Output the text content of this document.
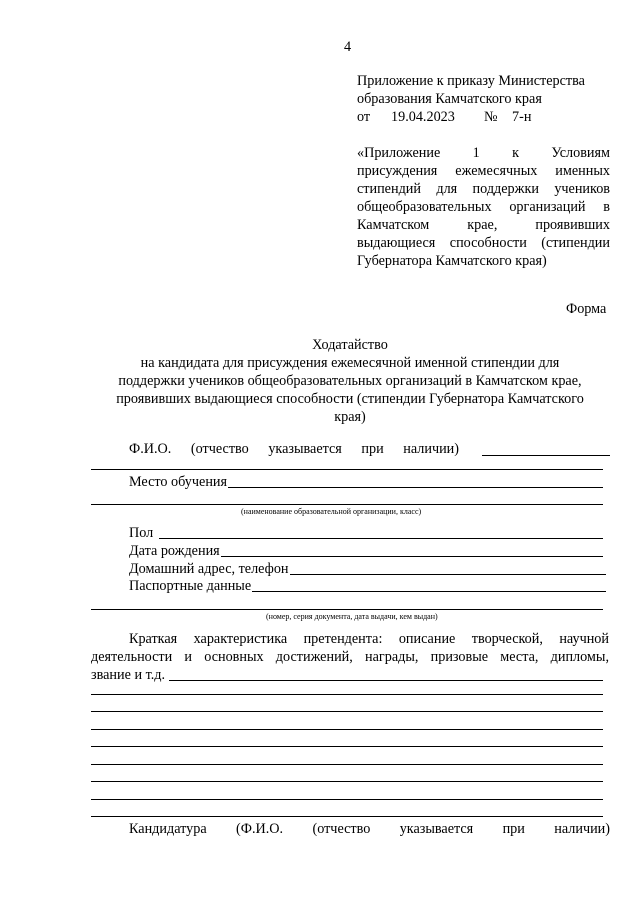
4
Приложение к приказу Министерства
образования Камчатского края
от 19.04.2023 № 7-н
«Приложение 1 к Условиям
присуждения ежемесячных именных
стипендий для поддержки учеников
общеобразовательных организаций в
Камчатском крае, проявивших
выдающиеся способности (стипендии
Губернатора Камчатского края)
Форма
Ходатайство
на кандидата для присуждения ежемесячной именной стипендии для
поддержки учеников общеобразовательных организаций в Камчатском крае,
проявивших выдающиеся способности (стипендии Губернатора Камчатского
края)
Ф.И.О. (отчество указывается при наличии)
Место обучения
(наименование образовательной организации, класс)
Пол
Дата рождения
Домашний адрес, телефон
Паспортные данные
(номер, серия документа, дата выдачи, кем выдан)
Краткая характеристика претендента: описание творческой, научной
деятельности и основных достижений, награды, призовые места, дипломы,
звание и т.д.
Кандидатура (Ф.И.О. (отчество указывается при наличии)
